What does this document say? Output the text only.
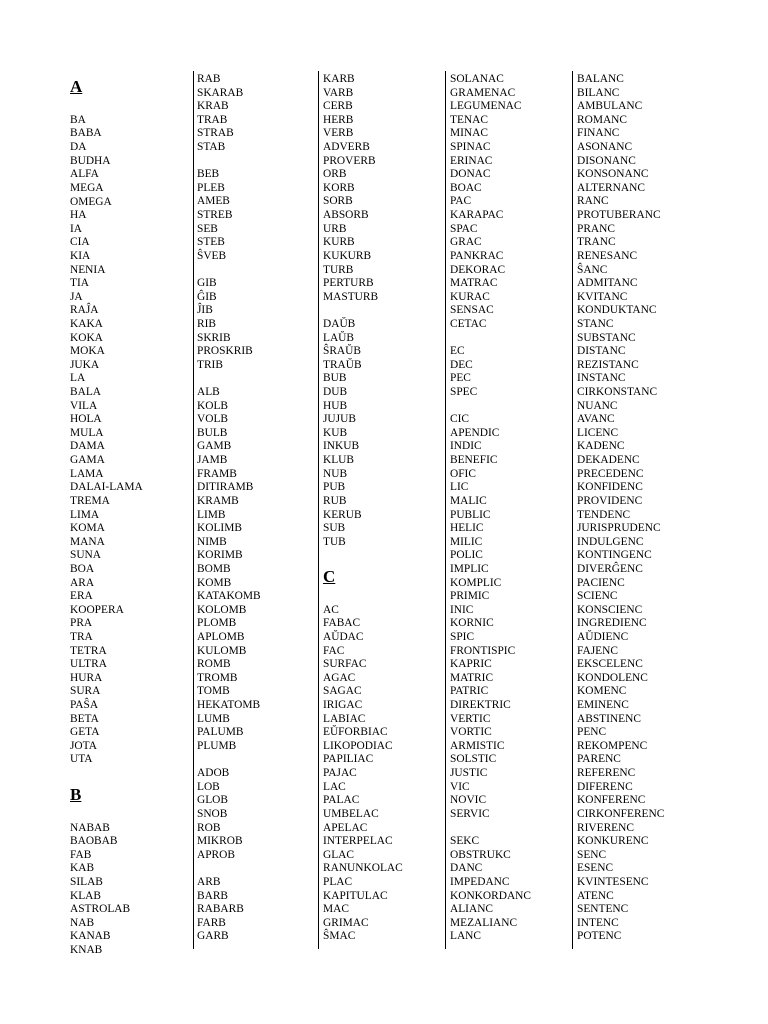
A
BA
BABA
DA
BUDHA
ALFA
MEGA
OMEGA
HA
IA
CIA
KIA
NENIA
TIA
JA
RAĴA
KAKA
KOKA
MOKA
JUKA
LA
BALA
VILA
HOLA
MULA
DAMA
GAMA
LAMA
DALAI-LAMA
TREMA
LIMA
KOMA
MANA
SUNA
BOA
ARA
ERA
KOOPERA
PRA
TRA
TETRA
ULTRA
HURA
SURA
PAŜA
BETA
GETA
JOTA
UTA
B
NABAB
BAOBAB
FAB
KAB
SILAB
KLAB
ASTROLAB
NAB
KANAB
KNAB
RAB
SKARAB
KRAB
TRAB
STRAB
STAB
BEB
PLEB
AMEB
STREB
SEB
STEB
ŜVEB
GIB
ĜIB
ĴIB
RIB
SKRIB
PROSKRIB
TRIB
ALB
KOLB
VOLB
BULB
GAMB
JAMB
FRAMB
DITIRAMB
KRAMB
LIMB
KOLIMB
NIMB
KORIMB
BOMB
KOMB
KATAKOMB
KOLOMB
PLOMB
APLOMB
KULOMB
ROMB
TROMB
TOMB
HEKATOMB
LUMB
PALUMB
PLUMB
ADOB
LOB
GLOB
SNOB
ROB
MIKROB
APROB
ARB
BARB
RABARB
FARB
GARB
KARB
VARB
CERB
HERB
VERB
ADVERB
PROVERB
ORB
KORB
SORB
ABSORB
URB
KURB
KUKURB
TURB
PERTURB
MASTURB
DAŬB
LAŬB
ŜRAŬB
TRAŬB
BUB
DUB
HUB
JUJUB
KUB
INKUB
KLUB
NUB
PUB
RUB
KERUB
SUB
TUB
C
AC
FABAC
AŬDAC
FAC
SURFAC
AGAC
SAGAC
IRIGAC
LABIAC
EŬFORBIAC
LIKOPODIAC
PAPILIAC
PAJAC
LAC
PALAC
UMBELAC
APELAC
INTERPELAC
GLAC
RANUNKOLAC
PLAC
KAPITULAC
MAC
GRIMAC
ŜMAC
SOLANAC
GRAMENAC
LEGUMENAC
TENAC
MINAC
SPINAC
ERINAC
DONAC
BOAC
PAC
KARAPAC
SPAC
GRAC
PANKRAC
DEKORAC
MATRAC
KURAC
SENSAC
CETAC
EC
DEC
PEC
SPEC
CIC
APENDIC
INDIC
BENEFIC
OFIC
LIC
MALIC
PUBLIC
HELIC
MILIC
POLIC
IMPLIC
KOMPLIC
PRIMIC
INIC
KORNIC
SPIC
FRONTISPIC
KAPRIC
MATRIC
PATRIC
DIREKTRIC
VERTIC
VORTIC
ARMISTIC
SOLSTIC
JUSTIC
VIC
NOVIC
SERVIC
SEKC
OBSTRUKC
DANC
IMPEDANC
KONKORDANC
ALIANC
MEZALIANC
LANC
BALANC
BILANC
AMBULANC
ROMANC
FINANC
ASONANC
DISONANC
KONSONANC
ALTERNANC
RANC
PROTUBERANC
PRANC
TRANC
RENESANC
ŜANC
ADMITANC
KVITANC
KONDUKTANC
STANC
SUBSTANC
DISTANC
REZISTANC
INSTANC
CIRKONSTANC
NUANC
AVANC
LICENC
KADENC
DEKADENC
PRECEDENC
KONFIDENC
PROVIDENC
TENDENC
JURISPRUDENC
INDULGENC
KONTINGENC
DIVERĜENC
PACIENC
SCIENC
KONSCIENC
INGREDIENC
AŬDIENC
FAJENC
EKSCELENC
KONDOLENC
KOMENC
EMINENC
ABSTINENC
PENC
REKOMPENC
PARENC
REFERENC
DIFERENC
KONFERENC
CIRKONFERENC
RIVERENC
KONKURENC
SENC
ESENC
KVINTESENC
ATENC
SENTENC
INTENC
POTENC
